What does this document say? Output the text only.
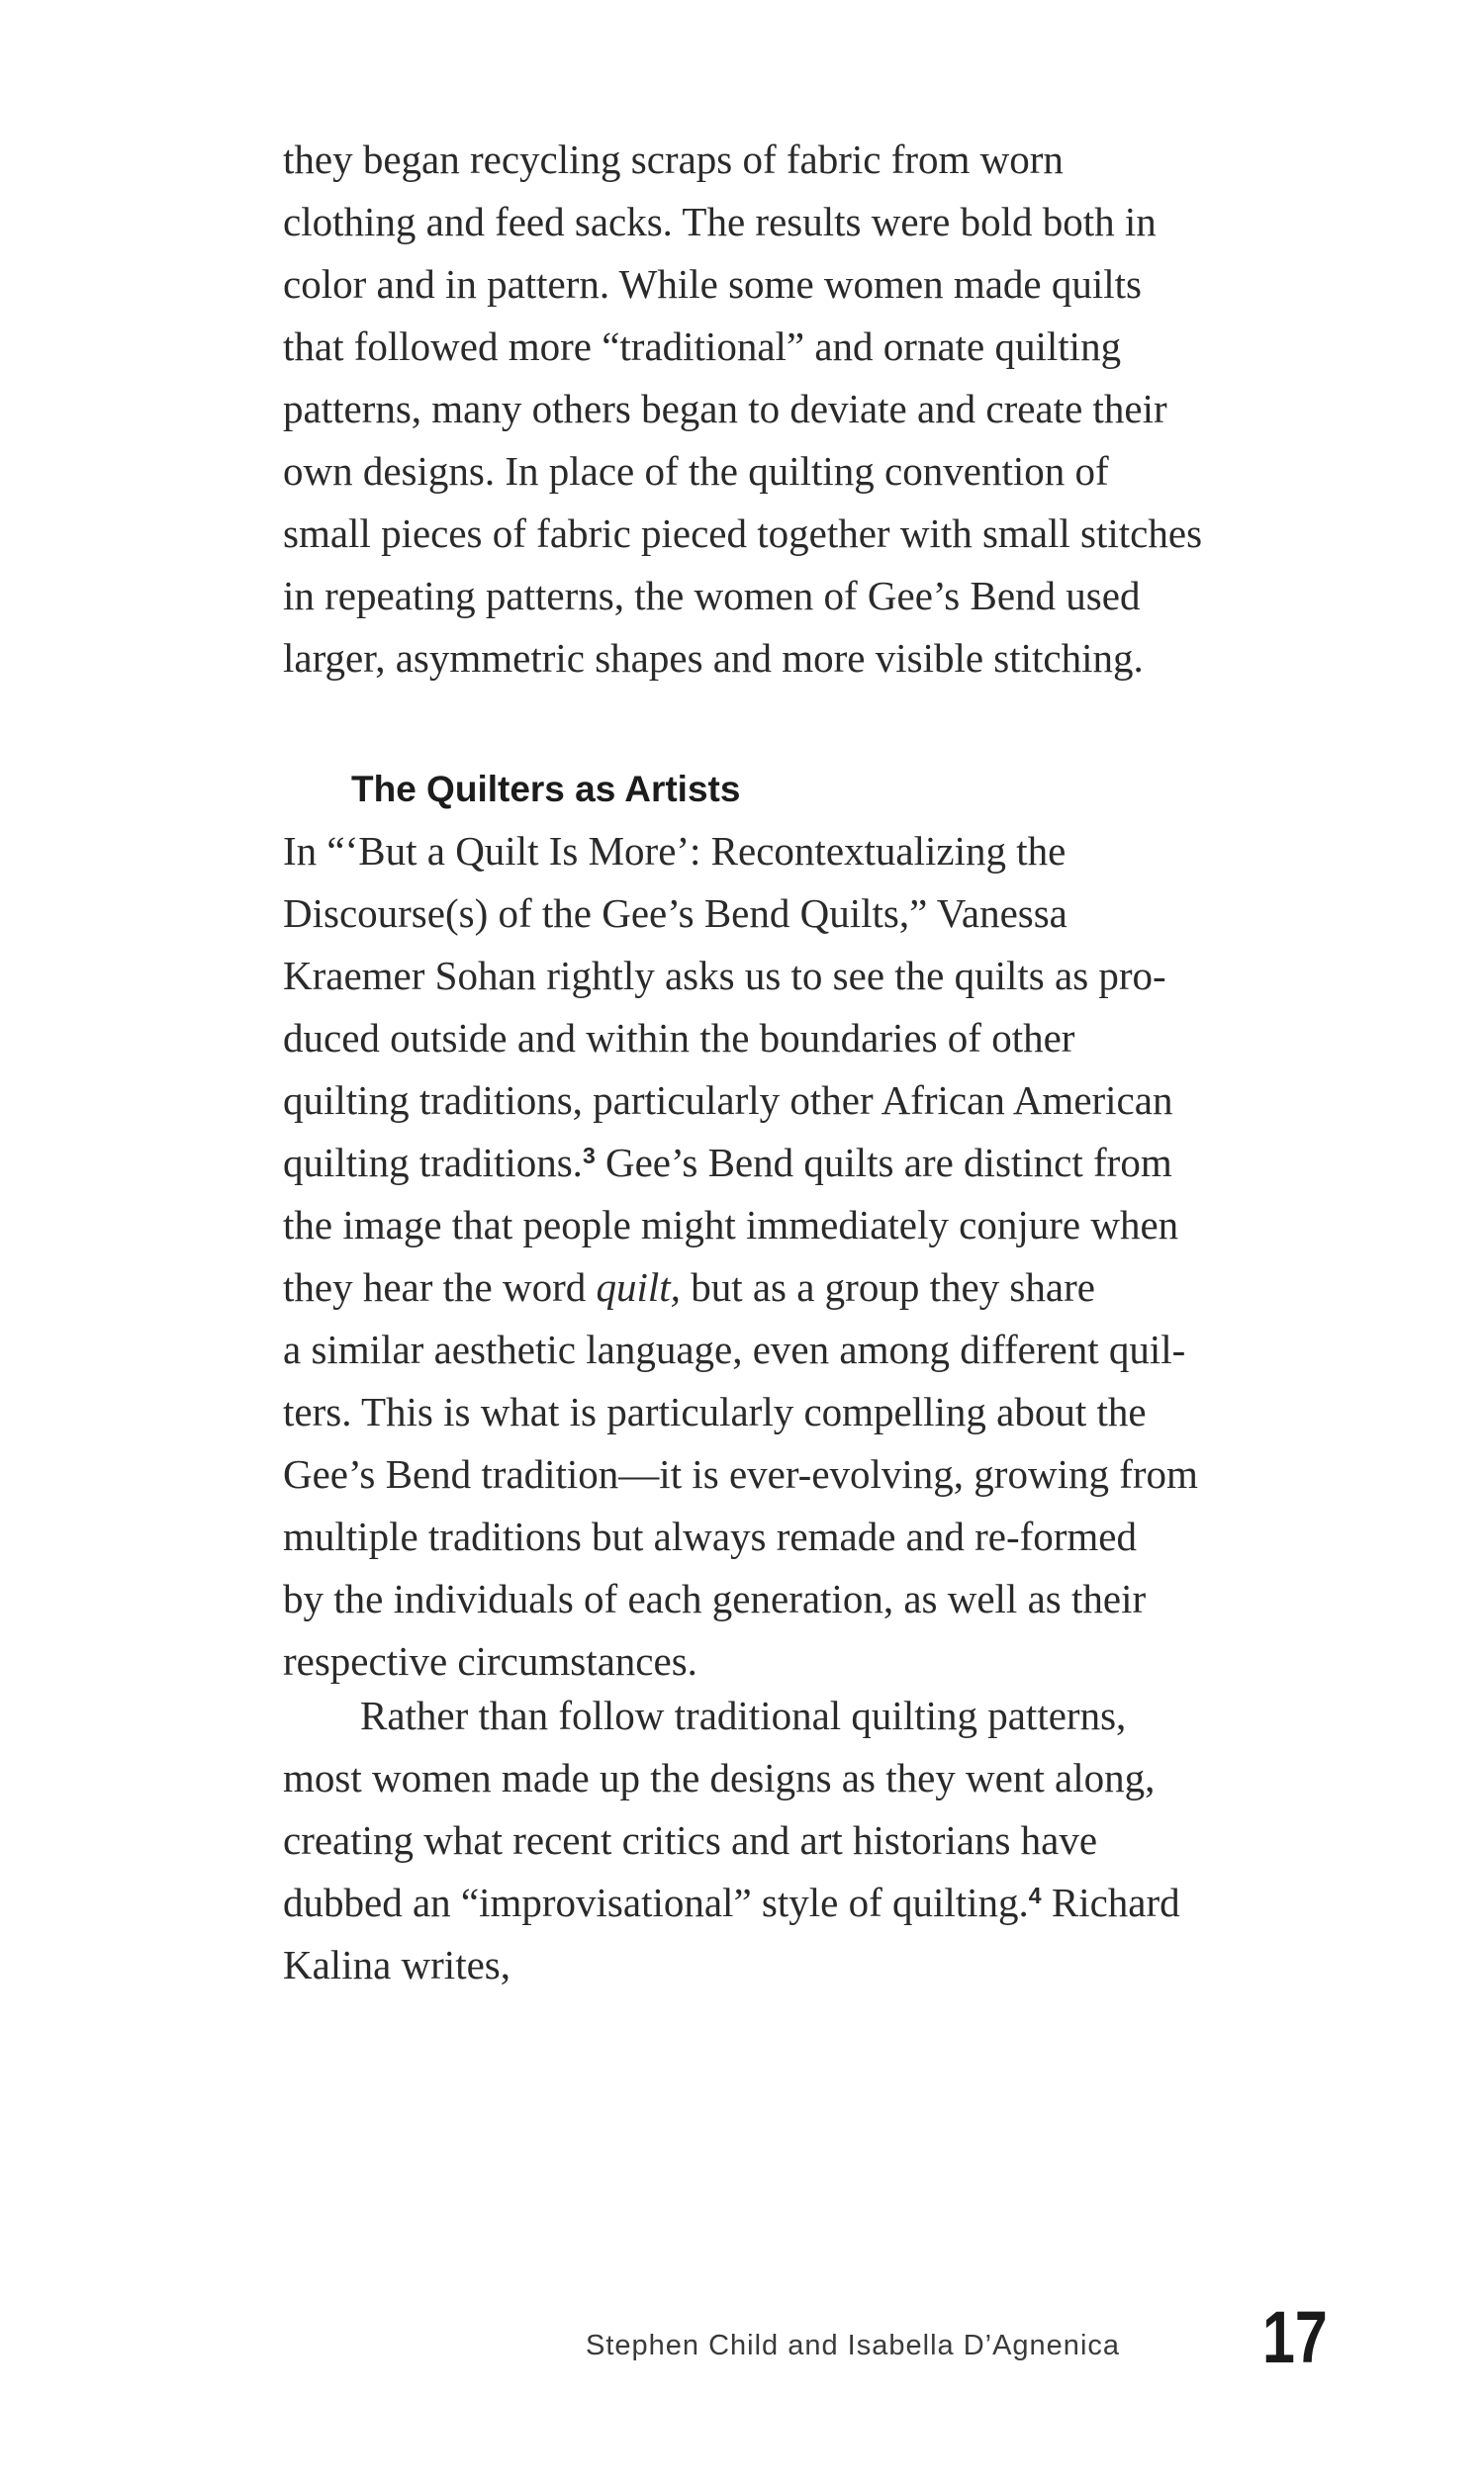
they began recycling scraps of fabric from worn
clothing and feed sacks. The results were bold both in
color and in pattern. While some women made quilts
that followed more “traditional” and ornate quilting
patterns, many others began to deviate and create their
own designs. In place of the quilting convention of
small pieces of fabric pieced together with small stitches
in repeating patterns, the women of Gee’s Bend used
larger, asymmetric shapes and more visible stitching.
The Quilters as Artists
In “‘But a Quilt Is More’: Recontextualizing the
Discourse(s) of the Gee’s Bend Quilts,” Vanessa
Kraemer Sohan rightly asks us to see the quilts as pro-
duced outside and within the boundaries of other
quilting traditions, particularly other African American
quilting traditions.$^3$ Gee’s Bend quilts are distinct from
the image that people might immediately conjure when
they hear the word quilt, but as a group they share
a similar aesthetic language, even among different quil-
ters. This is what is particularly compelling about the
Gee’s Bend tradition—it is ever-evolving, growing from
multiple traditions but always remade and re-formed
by the individuals of each generation, as well as their
respective circumstances.
Rather than follow traditional quilting patterns,
most women made up the designs as they went along,
creating what recent critics and art historians have
dubbed an “improvisational” style of quilting.$^4$ Richard
Kalina writes,
Stephen Child and Isabella D’Agnenica 17
